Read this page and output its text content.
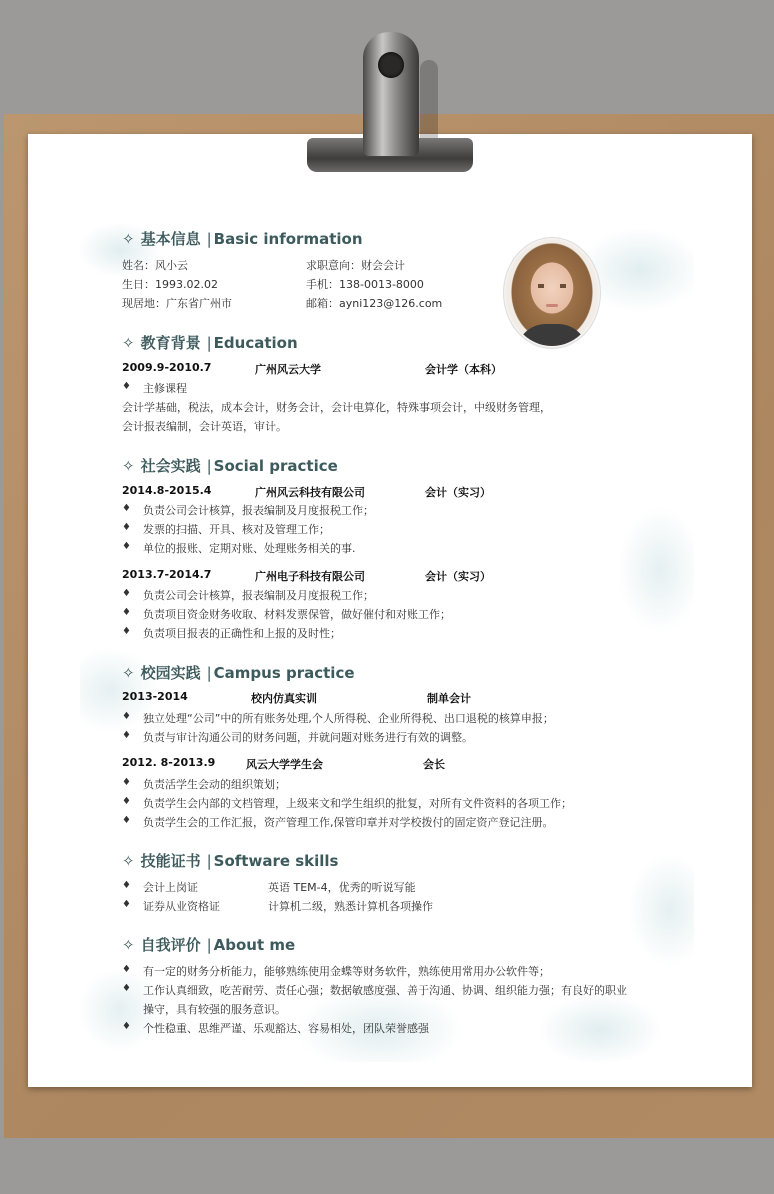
✧ 基本信息 | Basic information
姓名：风小云	求职意向：财会会计
生日：1993.02.02	手机：138-0013-8000
现居地：广东省广州市	邮箱：ayni123@126.com
✧ 教育背景 | Education
2009.9-2010.7	广州风云大学	会计学（本科）
♦ 主修课程
会计学基础，税法，成本会计，财务会计，会计电算化，特殊事项会计，中级财务管理，
会计报表编制，会计英语，审计。
✧ 社会实践 | Social practice
2014.8-2015.4	广州风云科技有限公司	会计（实习）
♦ 负责公司会计核算，报表编制及月度报税工作；
♦ 发票的扫描、开具、核对及管理工作；
♦ 单位的报账、定期对账、处理账务相关的事.
2013.7-2014.7	广州电子科技有限公司	会计（实习）
♦ 负责公司会计核算，报表编制及月度报税工作；
♦ 负责项目资金财务收取、材料发票保管，做好催付和对账工作；
♦ 负责项目报表的正确性和上报的及时性；
✧ 校园实践 | Campus practice
2013-2014	校内仿真实训	制单会计
♦ 独立处理“公司”中的所有账务处理,个人所得税、企业所得税、出口退税的核算申报；
♦ 负责与审计沟通公司的财务问题，并就问题对账务进行有效的调整。
2012. 8-2013.9	风云大学学生会	会长
♦ 负责活学生会动的组织策划；
♦ 负责学生会内部的文档管理，上级来文和学生组织的批复，对所有文件资料的各项工作；
♦ 负责学生会的工作汇报，资产管理工作,保管印章并对学校拨付的固定资产登记注册。
✧ 技能证书 | Software skills
♦ 会计上岗证	英语 TEM-4，优秀的听说写能
♦ 证券从业资格证	计算机二级，熟悉计算机各项操作
✧ 自我评价 | About me
♦ 有一定的财务分析能力，能够熟练使用金蝶等财务软件，熟练使用常用办公软件等；
♦ 工作认真细致，吃苦耐劳、责任心强；数据敏感度强、善于沟通、协调、组织能力强；有良好的职业
操守，具有较强的服务意识。
♦ 个性稳重、思维严谨、乐观豁达、容易相处，团队荣誉感强
